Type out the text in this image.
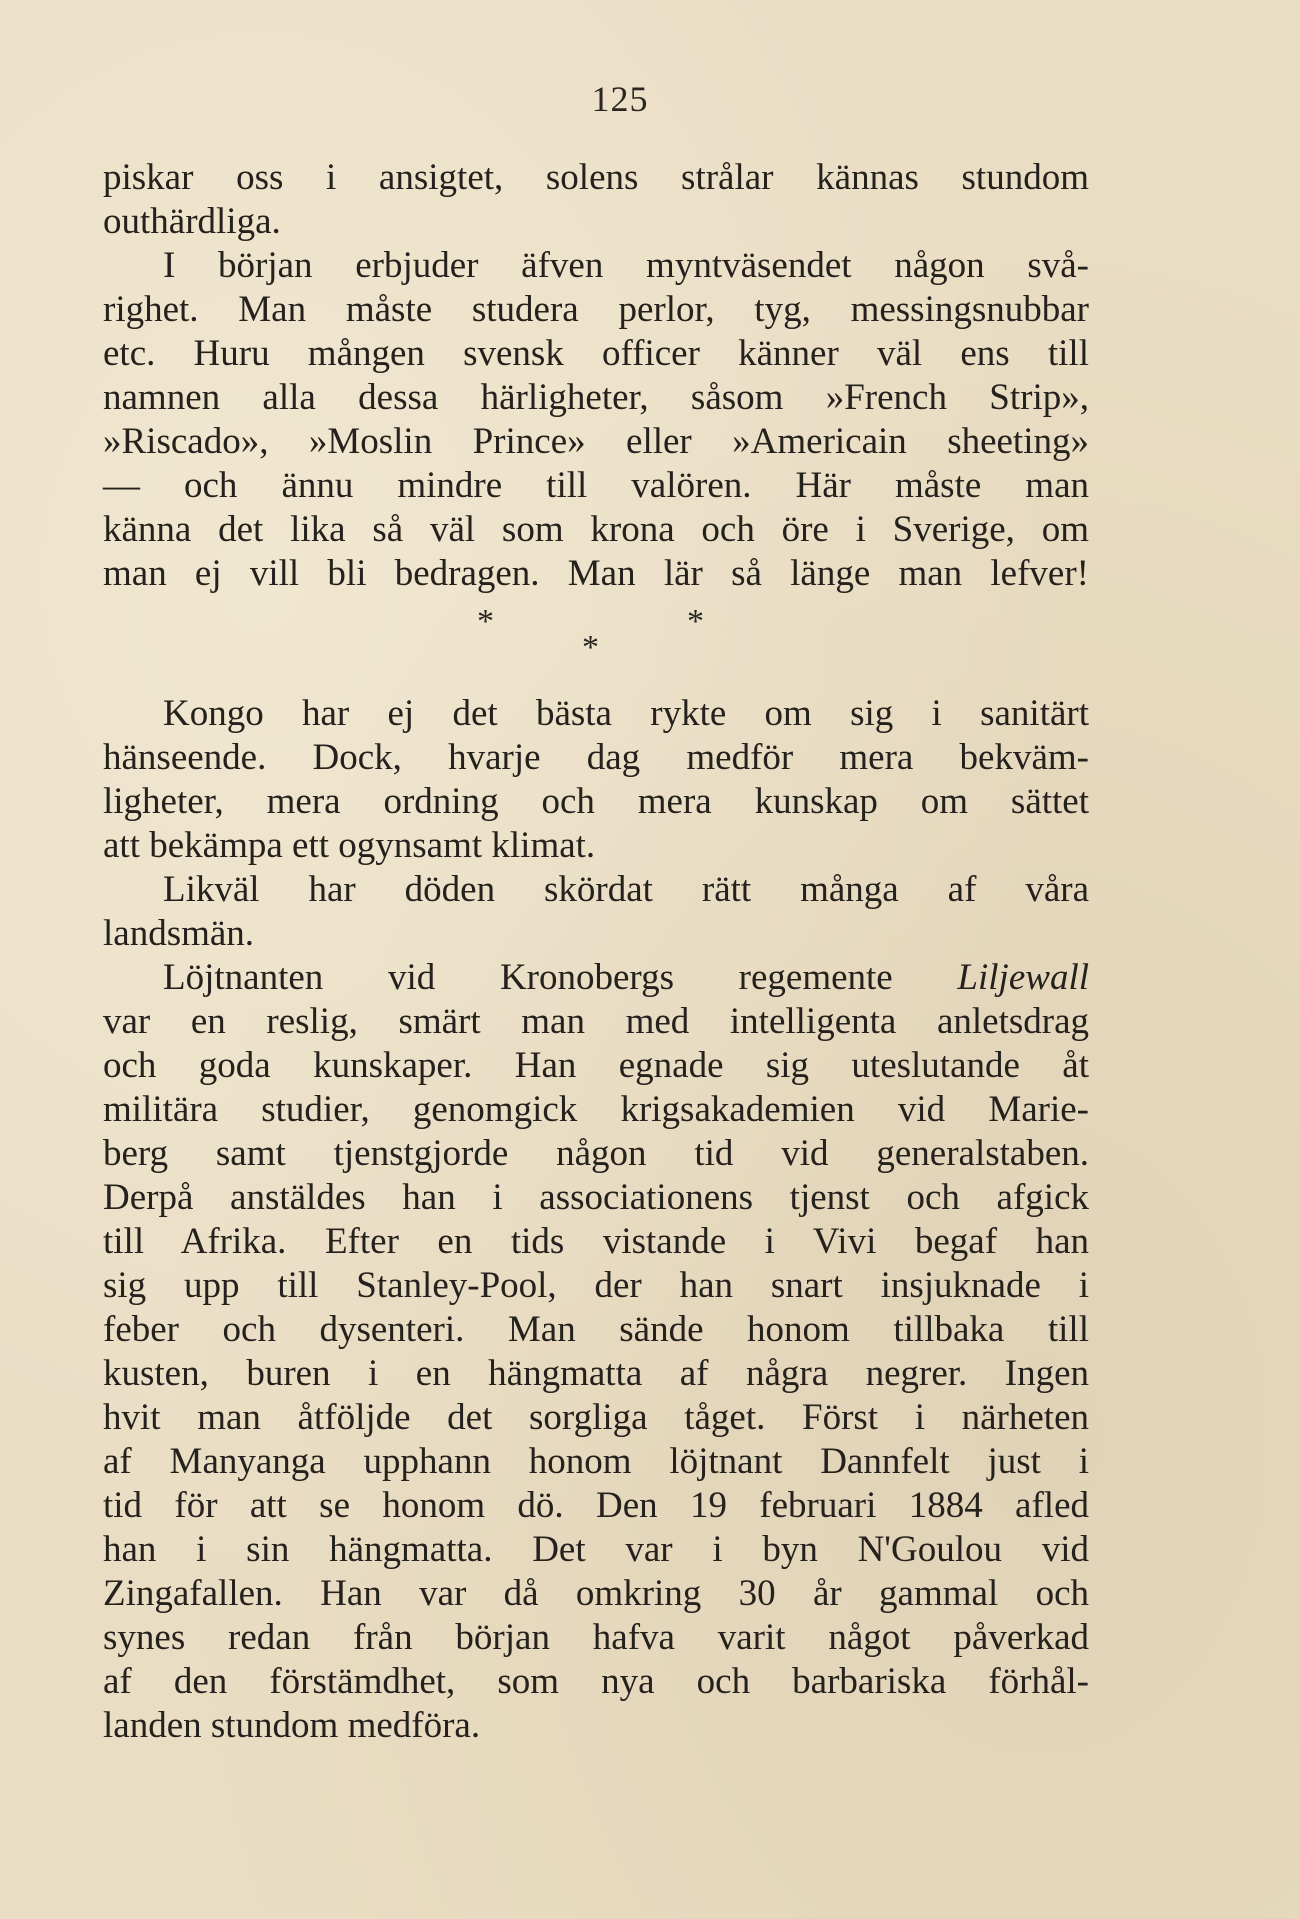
125
piskar oss i ansigtet, solens strålar kännas stundom
outhärdliga.
I början erbjuder äfven myntväsendet någon svå-
righet. Man måste studera perlor, tyg, messingsnubbar
etc. Huru mången svensk officer känner väl ens till
namnen alla dessa härligheter, såsom »French Strip»,
»Riscado», »Moslin Prince» eller »Americain sheeting»
— och ännu mindre till valören. Här måste man
känna det lika så väl som krona och öre i Sverige, om
man ej vill bli bedragen. Man lär så länge man lefver!
*	*
*
Kongo har ej det bästa rykte om sig i sanitärt
hänseende. Dock, hvarje dag medför mera bekväm-
ligheter, mera ordning och mera kunskap om sättet
att bekämpa ett ogynsamt klimat.
Likväl har döden skördat rätt många af våra
landsmän.
Löjtnanten vid Kronobergs regemente Liljewall
var en reslig, smärt man med intelligenta anletsdrag
och goda kunskaper. Han egnade sig uteslutande åt
militära studier, genomgick krigsakademien vid Marie-
berg samt tjenstgjorde någon tid vid generalstaben.
Derpå anstäldes han i associationens tjenst och afgick
till Afrika. Efter en tids vistande i Vivi begaf han
sig upp till Stanley-Pool, der han snart insjuknade i
feber och dysenteri. Man sände honom tillbaka till
kusten, buren i en hängmatta af några negrer. Ingen
hvit man åtföljde det sorgliga tåget. Först i närheten
af Manyanga upphann honom löjtnant Dannfelt just i
tid för att se honom dö. Den 19 februari 1884 afled
han i sin hängmatta. Det var i byn N'Goulou vid
Zingafallen. Han var då omkring 30 år gammal och
synes redan från början hafva varit något påverkad
af den förstämdhet, som nya och barbariska förhål-
landen stundom medföra.
